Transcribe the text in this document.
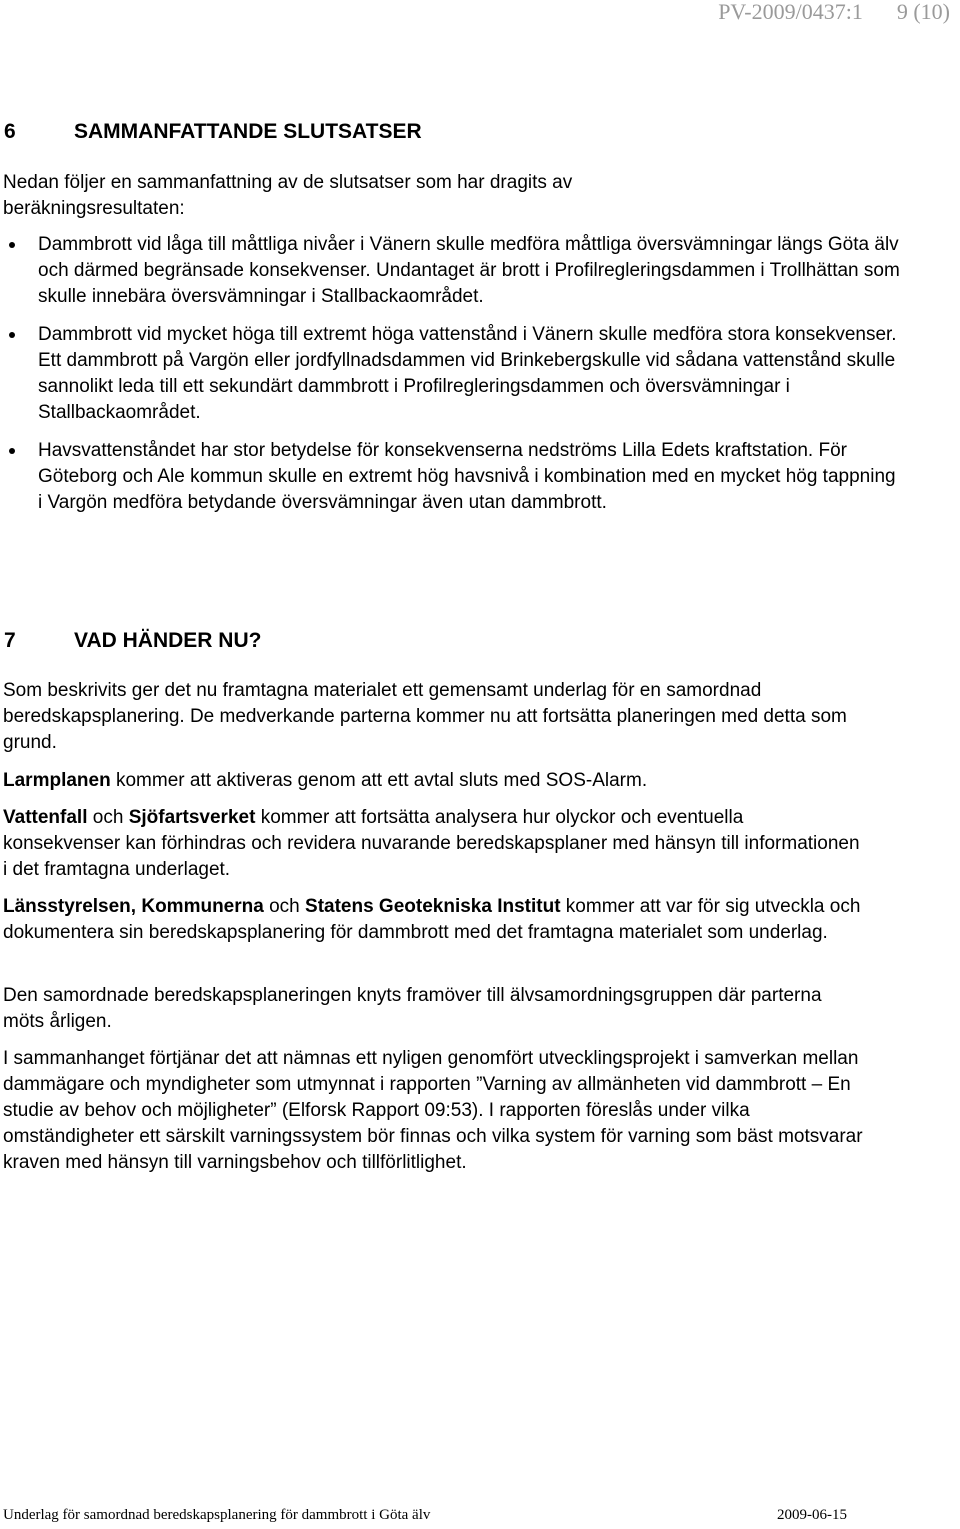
PV-2009/0437:1 9 (10)
6	SAMMANFATTANDE SLUTSATSER

Nedan följer en sammanfattning av de slutsatser som har dragits av beräkningsresultaten:

Dammbrott vid låga till måttliga nivåer i Vänern skulle medföra måttliga översvämningar längs Göta älv och därmed begränsade konsekvenser. Undantaget är brott i Profilregleringsdammen i Trollhättan som skulle innebära översvämningar i Stallbackaområdet.
Dammbrott vid mycket höga till extremt höga vattenstånd i Vänern skulle medföra stora konsekvenser. Ett dammbrott på Vargön eller jordfyllnadsdammen vid Brinkebergskulle vid sådana vattenstånd skulle sannolikt leda till ett sekundärt dammbrott i Profilregleringsdammen och översvämningar i Stallbackaområdet.
Havsvattenståndet har stor betydelse för konsekvenserna nedströms Lilla Edets kraftstation. För Göteborg och Ale kommun skulle en extremt hög havsnivå i kombination med en mycket hög tappning i Vargön medföra betydande översvämningar även utan dammbrott.
7	VAD HÄNDER NU?

Som beskrivits ger det nu framtagna materialet ett gemensamt underlag för en samordnad beredskapsplanering. De medverkande parterna kommer nu att fortsätta planeringen med detta som grund.

Larmplanen kommer att aktiveras genom att ett avtal sluts med SOS-Alarm.

Vattenfall och Sjöfartsverket kommer att fortsätta analysera hur olyckor och eventuella konsekvenser kan förhindras och revidera nuvarande beredskapsplaner med hänsyn till informationen i det framtagna underlaget.

Länsstyrelsen, Kommunerna och Statens Geotekniska Institut kommer att var för sig utveckla och dokumentera sin beredskapsplanering för dammbrott med det framtagna materialet som underlag.

Den samordnade beredskapsplaneringen knyts framöver till älvsamordningsgruppen där parterna möts årligen.

I sammanhanget förtjänar det att nämnas ett nyligen genomfört utvecklingsprojekt i samverkan mellan dammägare och myndigheter som utmynnat i rapporten ”Varning av allmänheten vid dammbrott – En studie av behov och möjligheter” (Elforsk Rapport 09:53). I rapporten föreslås under vilka omständigheter ett särskilt varningssystem bör finnas och vilka system för varning som bäst motsvarar kraven med hänsyn till varningsbehov och tillförlitlighet.

Underlag för samordnad beredskapsplanering för dammbrott i Göta älv	2009-06-15
